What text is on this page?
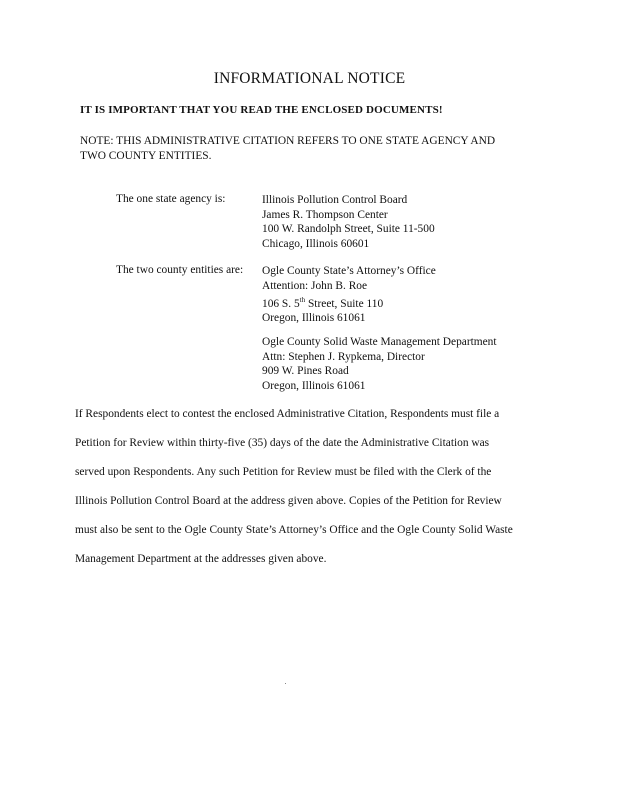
INFORMATIONAL NOTICE
IT IS IMPORTANT THAT YOU READ THE ENCLOSED DOCUMENTS!
NOTE: THIS ADMINISTRATIVE CITATION REFERS TO ONE STATE AGENCY AND
TWO COUNTY ENTITIES.
The one state agency is:	Illinois Pollution Control Board
James R. Thompson Center
100 W. Randolph Street, Suite 11-500
Chicago, Illinois 60601
The two county entities are: Ogle County State’s Attorney’s Office
Attention: John B. Roe
106 S. 5th Street, Suite 110
Oregon, Illinois 61061
Ogle County Solid Waste Management Department
Attn: Stephen J. Rypkema, Director
909 W. Pines Road
Oregon, Illinois 61061
If Respondents elect to contest the enclosed Administrative Citation, Respondents must file a
Petition for Review within thirty-five (35) days of the date the Administrative Citation was
served upon Respondents. Any such Petition for Review must be filed with the Clerk of the
Illinois Pollution Control Board at the address given above. Copies of the Petition for Review
must also be sent to the Ogle County State’s Attorney’s Office and the Ogle County Solid Waste
Management Department at the addresses given above.
